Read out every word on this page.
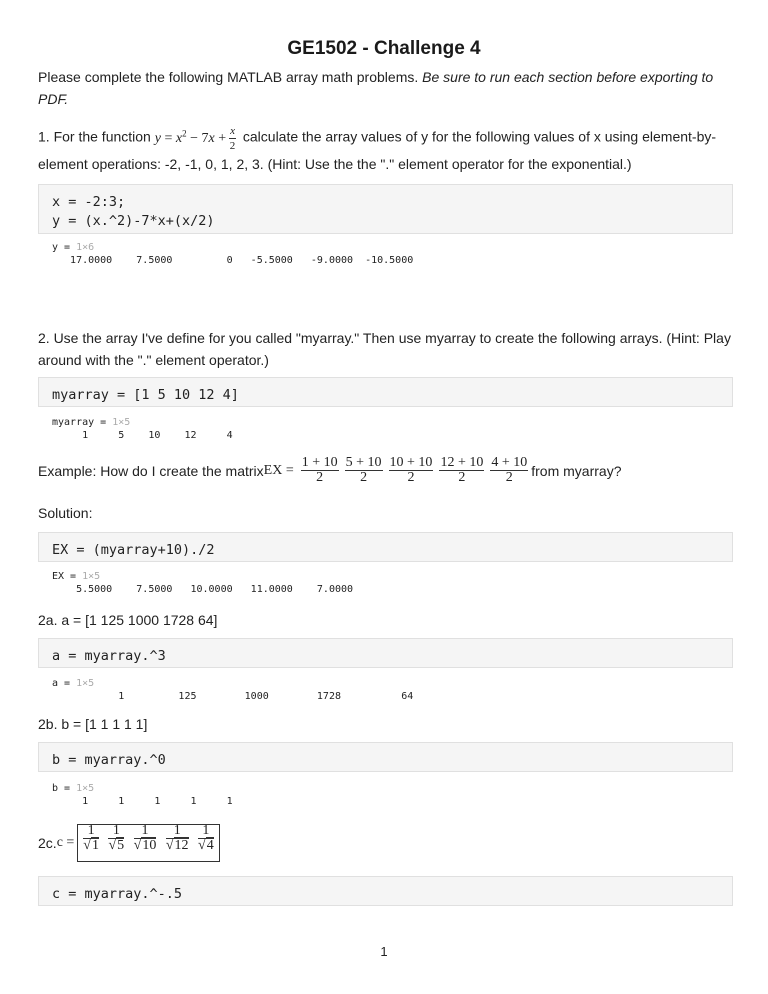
GE1502 - Challenge 4
Please complete the following MATLAB array math problems. Be sure to run each section before exporting to PDF.
1. For the function $y = x^2 - 7x + \frac{x}{2}$ calculate the array values of y for the following values of x using element-by-
element operations: -2, -1, 0, 1, 2, 3. (Hint: Use the the "." element operator for the exponential.)
x = -2:3;
y = (x.^2)-7*x+(x/2)
y = 1×6
17.0000    7.5000         0   -5.5000   -9.0000  -10.5000
2. Use the array I've define for you called "myarray." Then use myarray to create the following arrays. (Hint: Play around with the "." element operator.)
myarray = [1 5 10 12 4]
myarray = 1×5
1     5    10    12     4
Example: How do I create the matrix EX = $\frac{1 + 10}{2} \frac{5 + 10}{2} \frac{10 + 10}{2} \frac{12 + 10}{2} \frac{4 + 10}{2}$ from myarray?
Solution:
EX = (myarray+10)./2
EX = 1×5
5.5000    7.5000   10.0000   11.0000    7.0000
2a. a = [1 125 1000 1728 64]
a = myarray.^3
a = 1×5
1         125        1000        1728          64
2b. b = [1 1 1 1 1]
b = myarray.^0
b = 1×5
1     1     1     1     1
2c. $c = \frac{1}{√1}$
$\frac{1}{√5}$
$\frac{1}{√10}$
$\frac{1}{√12}$
$\frac{1}{√4}$
c = myarray.^-.5
1
